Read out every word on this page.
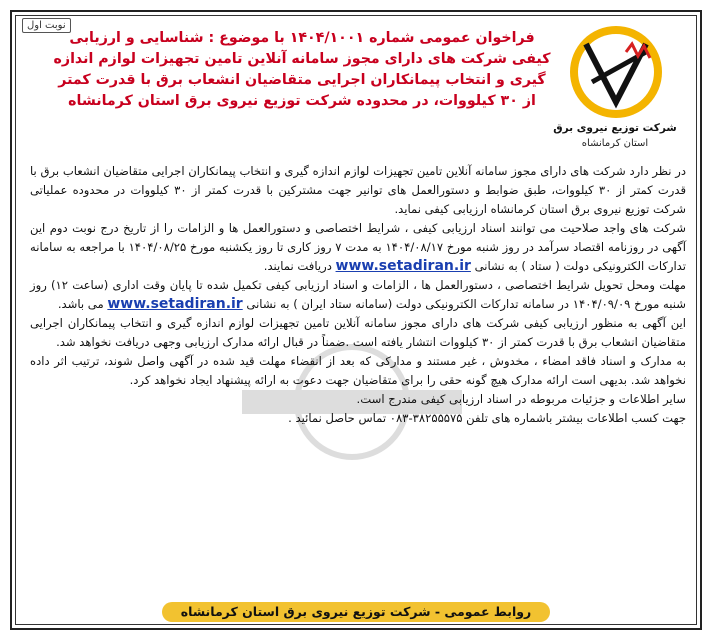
نوبت اول
شرکت توزیع نیروی برق
استان کرمانشاه
فراخوان عمومی شماره ۱۴۰۴/۱۰۰۱ با موضوع : شناسایی و ارزیابی کیفی شرکت های دارای مجوز سامانه آنلاین تامین تجهیزات لوازم اندازه گیری و انتخاب پیمانکاران اجرایی متقاضیان انشعاب برق با قدرت کمتر از ۳۰ کیلووات، در محدوده شرکت توزیع نیروی برق استان کرمانشاه

در نظر دارد شرکت های دارای مجوز سامانه آنلاین تامین تجهیزات لوازم اندازه گیری و انتخاب پیمانکاران اجرایی متقاضیان انشعاب برق با قدرت کمتر از ۳۰ کیلووات، طبق ضوابط و دستورالعمل های توانیر جهت مشترکین با قدرت کمتر از ۳۰ کیلووات در محدوده عملیاتی شرکت توزیع نیروی برق استان کرمانشاه ارزیابی کیفی نماید.

شرکت های واجد صلاحیت می توانند اسناد ارزیابی کیفی ، شرایط اختصاصی و دستورالعمل ها و الزامات را از تاریخ درج نوبت دوم این آگهی در روزنامه اقتصاد سرآمد در روز شنبه مورخ ۱۴۰۴/۰۸/۱۷ به مدت ۷ روز کاری تا روز یکشنبه مورخ ۱۴۰۴/۰۸/۲۵ با مراجعه به سامانه تدارکات الکترونیکی دولت ( ستاد ) به نشانی www.setadiran.ir دریافت نمایند.

مهلت ومحل تحویل شرایط اختصاصی ، دستورالعمل ها ، الزامات و اسناد ارزیابی کیفی تکمیل شده تا پایان وقت اداری (ساعت ۱۲) روز شنبه مورخ ۱۴۰۴/۰۹/۰۹ در سامانه تدارکات الکترونیکی دولت (سامانه ستاد ایران ) به نشانی www.setadiran.ir می باشد.

این آگهی به منظور ارزیابی کیفی شرکت های دارای مجوز سامانه آنلاین تامین تجهیزات لوازم اندازه گیری و انتخاب پیمانکاران اجرایی متقاضیان انشعاب برق با قدرت کمتر از ۳۰ کیلووات انتشار یافته است .ضمناً در قبال ارائه مدارک ارزیابی وجهی دریافت نخواهد شد.

به مدارک و اسناد فاقد امضاء ، مخدوش ، غیر مستند و مدارکی که بعد از انقضاء مهلت قید شده در آگهی واصل شوند، ترتیب اثر داده نخواهد شد. بدیهی است ارائه مدارک هیچ گونه حقی را برای متقاضیان جهت دعوت به ارائه پیشنهاد ایجاد نخواهد کرد.

سایر اطلاعات و جزئیات مربوطه در اسناد ارزیابی کیفی مندرج است.

جهت کسب اطلاعات بیشتر باشماره های تلفن ۳۸۲۵۵۵۷۵-۰۸۳ تماس حاصل نمائید .

روابط عمومی - شرکت توزیع نیروی برق استان کرمانشاه
